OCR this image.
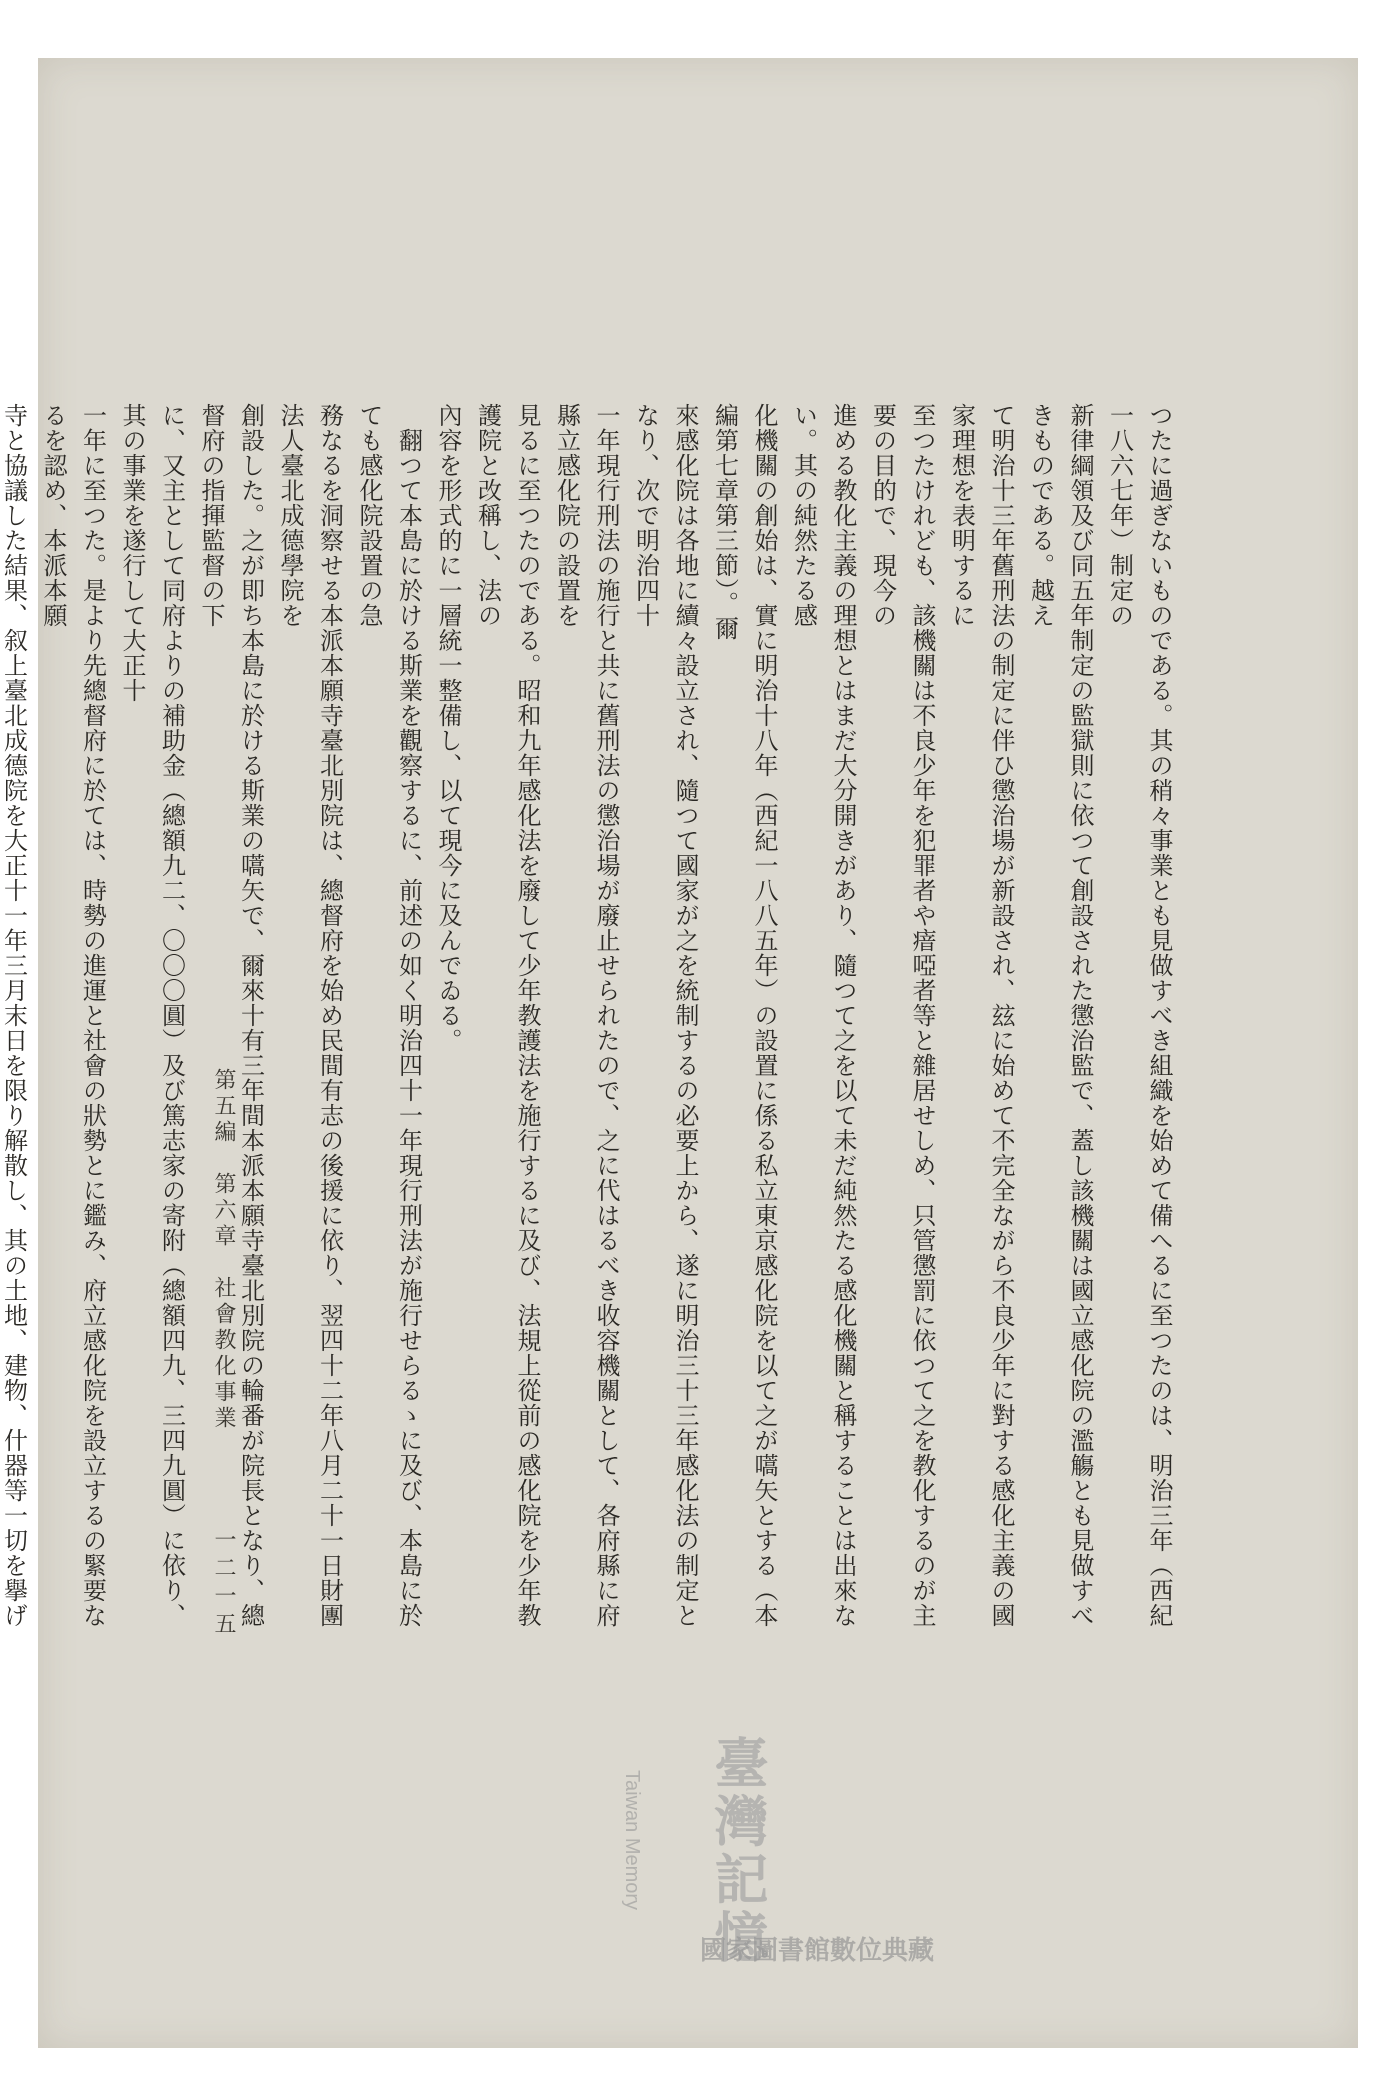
つたに過ぎないものである。其の稍々事業とも見做すべき組織を始めて備へるに至つたのは、明治三年（西紀一八六七年）制定の

新律綱領及び同五年制定の監獄則に依つて創設された懲治監で、蓋し該機關は國立感化院の濫觴とも見做すべきものである。越え

て明治十三年舊刑法の制定に伴ひ懲治場が新設され、玆に始めて不完全ながら不良少年に對する感化主義の國家理想を表明するに

至つたけれども、該機關は不良少年を犯罪者や瘖啞者等と雜居せしめ、只管懲罰に依つて之を教化するのが主要の目的で、現今の

進める教化主義の理想とはまだ大分開きがあり、隨つて之を以て未だ純然たる感化機關と稱することは出來ない。其の純然たる感

化機關の創始は、實に明治十八年（西紀一八八五年）の設置に係る私立東京感化院を以て之が嚆矢とする（本編第七章第三節）。爾

來感化院は各地に續々設立され、隨つて國家が之を統制するの必要上から、遂に明治三十三年感化法の制定となり、次で明治四十

一年現行刑法の施行と共に舊刑法の懲治場が廢止せられたので、之に代はるべき收容機關として、各府縣に府縣立感化院の設置を

見るに至つたのである。昭和九年感化法を廢して少年教護法を施行するに及び、法規上從前の感化院を少年教護院と改稱し、法の

內容を形式的に一層統一整備し、以て現今に及んでゐる。

　翻つて本島に於ける斯業を觀察するに、前述の如く明治四十一年現行刑法が施行せらるゝに及び、本島に於ても感化院設置の急

務なるを洞察せる本派本願寺臺北別院は、總督府を始め民間有志の後援に依り、翌四十二年八月二十一日財團法人臺北成德學院を

創設した。之が即ち本島に於ける斯業の嚆矢で、爾來十有三年間本派本願寺臺北別院の輪番が院長となり、總督府の指揮監督の下

に、又主として同府よりの補助金（總額九二、〇〇〇圓）及び篤志家の寄附（總額四九、三四九圓）に依り、其の事業を遂行して大正十

一年に至つた。是より先總督府に於ては、時勢の進運と社會の狀勢とに鑑み、府立感化院を設立するの緊要なるを認め、本派本願

寺と協議した結果、叙上臺北成德院を大正十一年三月末日を限り解散し、其の土地、建物、什器等一切を擧げ

第五編　第六章　社會教化事業
一二一五
臺灣記憶
Taiwan Memory
國家圖書館數位典藏
